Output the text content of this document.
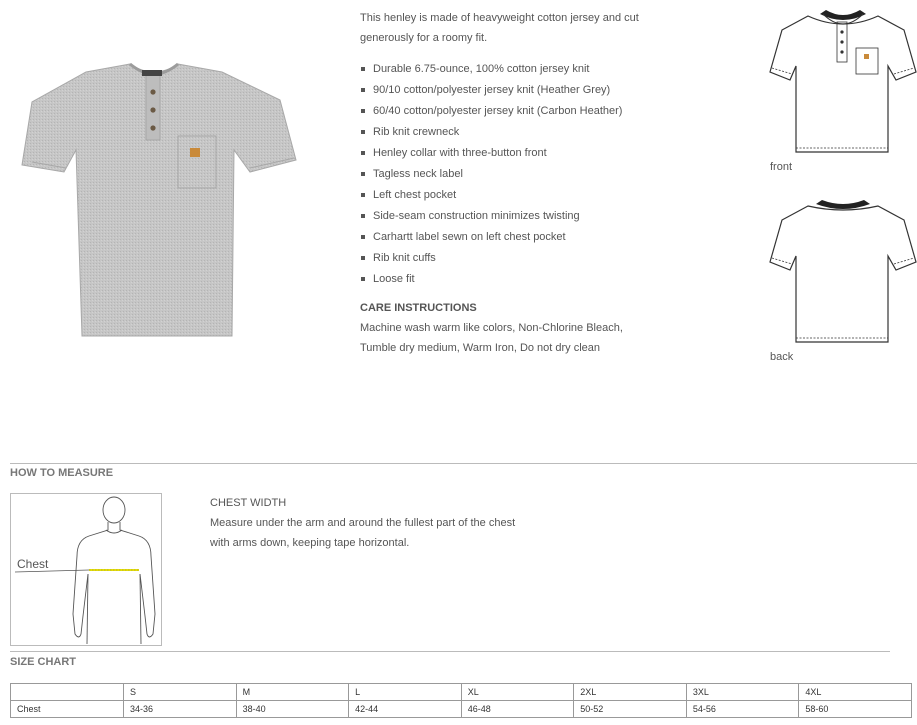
This henley is made of heavyweight cotton jersey and cut generously for a roomy fit.

Durable 6.75-ounce, 100% cotton jersey knit
90/10 cotton/polyester jersey knit (Heather Grey)
60/40 cotton/polyester jersey knit (Carbon Heather)
Rib knit crewneck
Henley collar with three-button front
Tagless neck label
Left chest pocket
Side-seam construction minimizes twisting
Carhartt label sewn on left chest pocket
Rib knit cuffs
Loose fit
CARE INSTRUCTIONS

Machine wash warm like colors, Non-Chlorine Bleach, Tumble dry medium, Warm Iron, Do not dry clean

front
back
HOW TO MEASURE
Chest
CHEST WIDTH
Measure under the arm and around the fullest part of the chest with arms down, keeping tape horizontal.
SIZE CHART
	S	M	L	XL	2XL	3XL	4XL
Chest	34-36	38-40	42-44	46-48	50-52	54-56	58-60
